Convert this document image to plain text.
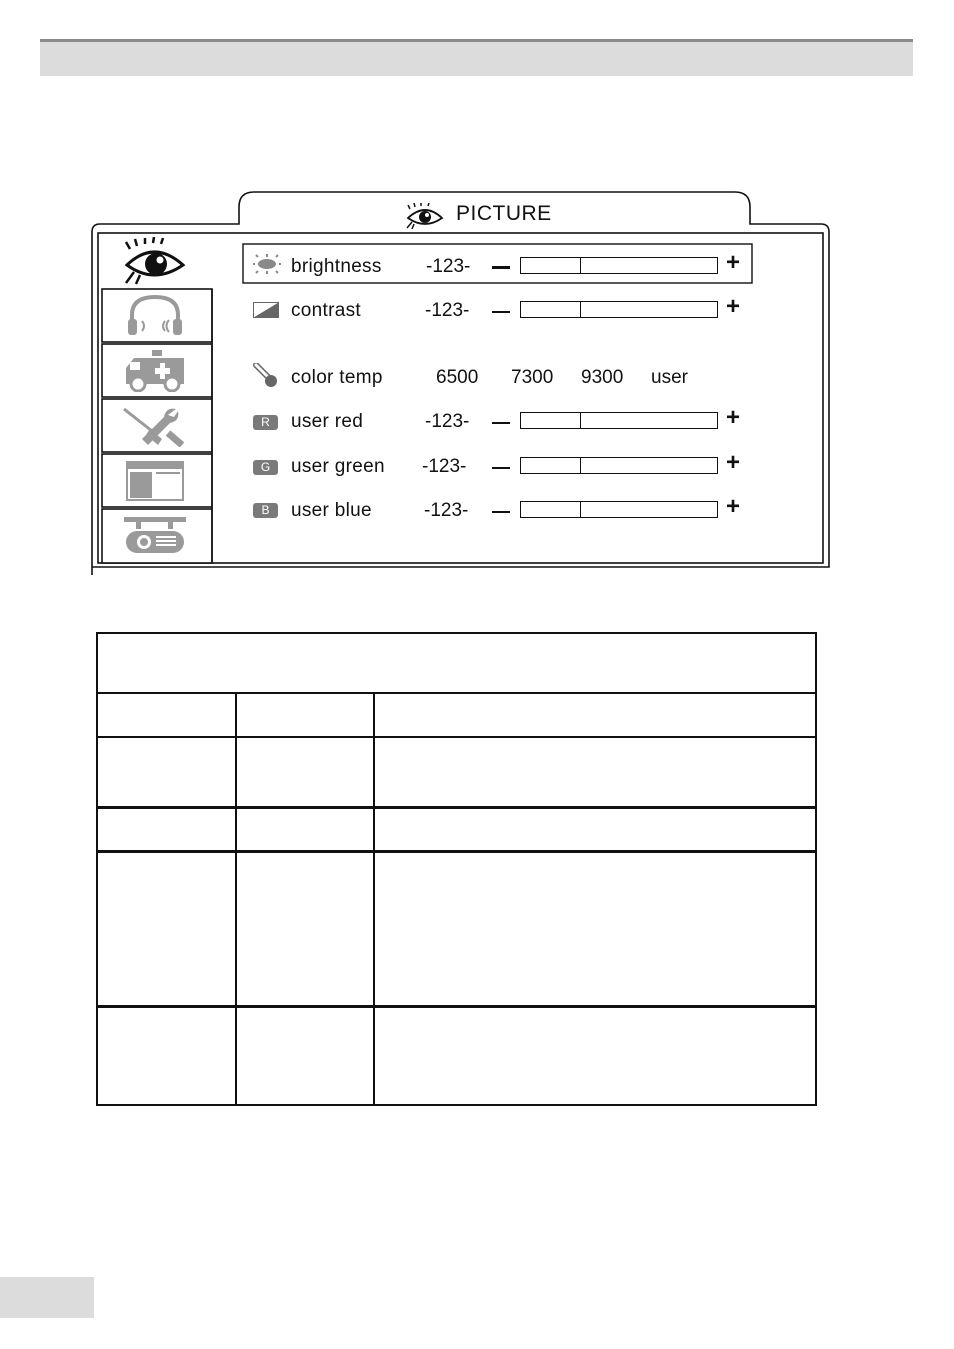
PICTURE
brightness -123-	+
contrast	-123-	+
color temp	6500 7300 9300 user
R	user red	-123-	+
G	user green -123-	+
B	user blue	-123-	+
